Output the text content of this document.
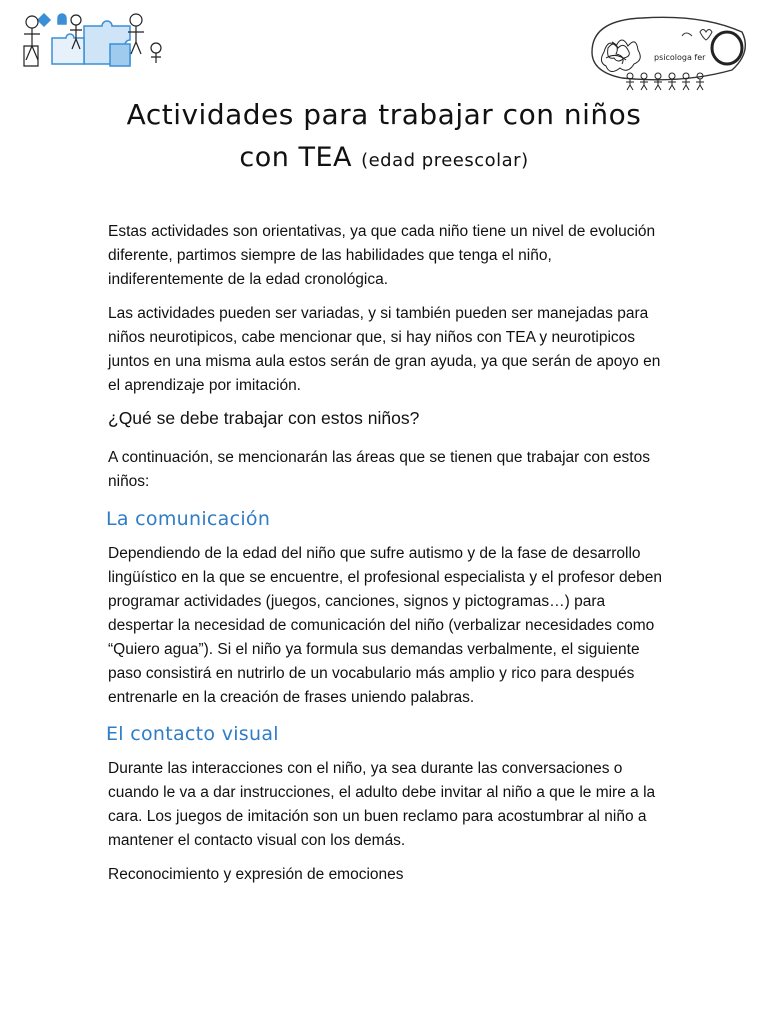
psicologa fer
Actividades para trabajar con niños
con TEA (edad preescolar)

Estas actividades son orientativas, ya que cada niño tiene un nivel de evolución diferente, partimos siempre de las habilidades que tenga el niño, indiferentemente de la edad cronológica.

Las actividades pueden ser variadas, y si también pueden ser manejadas para niños neurotipicos, cabe mencionar que, si hay niños con TEA y neurotipicos juntos en una misma aula estos serán de gran ayuda, ya que serán de apoyo en el aprendizaje por imitación.

¿Qué se debe trabajar con estos niños?

A continuación, se mencionarán las áreas que se tienen que trabajar con estos niños:

La comunicación

Dependiendo de la edad del niño que sufre autismo y de la fase de desarrollo lingüístico en la que se encuentre, el profesional especialista y el profesor deben programar actividades (juegos, canciones, signos y pictogramas…) para despertar la necesidad de comunicación del niño (verbalizar necesidades como “Quiero agua”). Si el niño ya formula sus demandas verbalmente, el siguiente paso consistirá en nutrirlo de un vocabulario más amplio y rico para después entrenarle en la creación de frases uniendo palabras.

El contacto visual

Durante las interacciones con el niño, ya sea durante las conversaciones o cuando le va a dar instrucciones, el adulto debe invitar al niño a que le mire a la cara. Los juegos de imitación son un buen reclamo para acostumbrar al niño a mantener el contacto visual con los demás.

Reconocimiento y expresión de emociones
